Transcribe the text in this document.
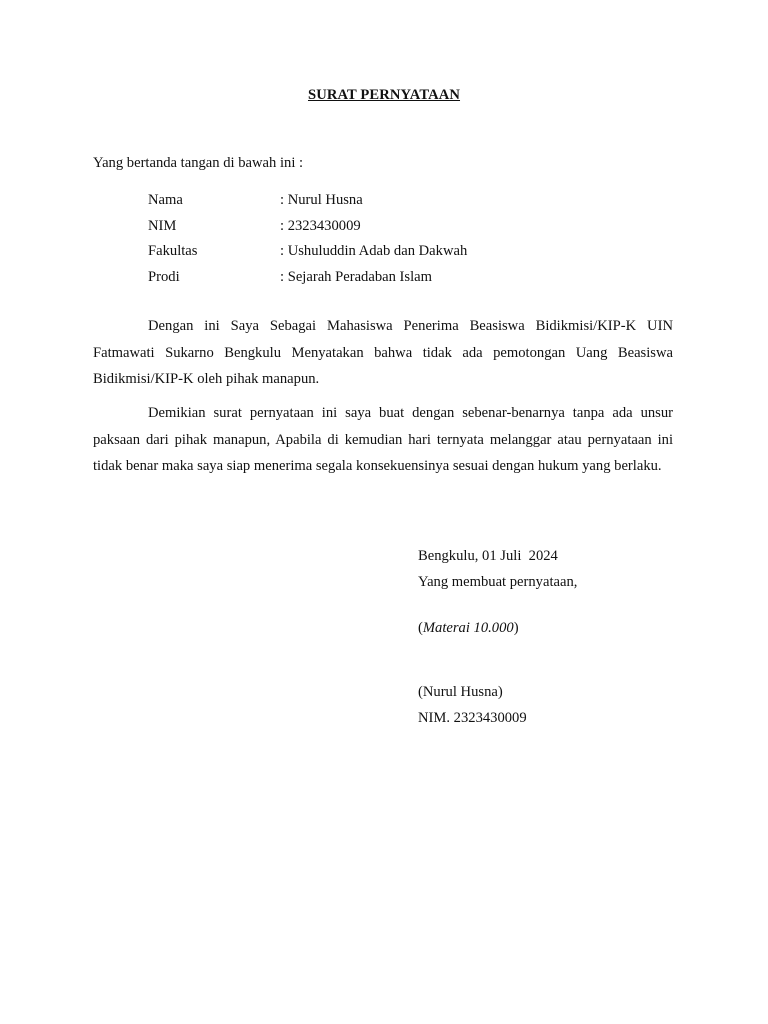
SURAT PERNYATAAN
Yang bertanda tangan di bawah ini :
Nama	: Nurul Husna
NIM	: 2323430009
Fakultas	: Ushuluddin Adab dan Dakwah
Prodi	: Sejarah Peradaban Islam

Dengan ini Saya Sebagai Mahasiswa Penerima Beasiswa Bidikmisi/KIP-K UIN Fatmawati Sukarno Bengkulu Menyatakan bahwa tidak ada pemotongan Uang Beasiswa Bidikmisi/KIP-K oleh pihak manapun.

Demikian surat pernyataan ini saya buat dengan sebenar-benarnya tanpa ada unsur paksaan dari pihak manapun, Apabila di kemudian hari ternyata melanggar atau pernyataan ini tidak benar maka saya siap menerima segala konsekuensinya sesuai dengan hukum yang berlaku.

Bengkulu, 01 Juli  2024
Yang membuat pernyataan,
(Materai 10.000)
(Nurul Husna)
NIM. 2323430009
